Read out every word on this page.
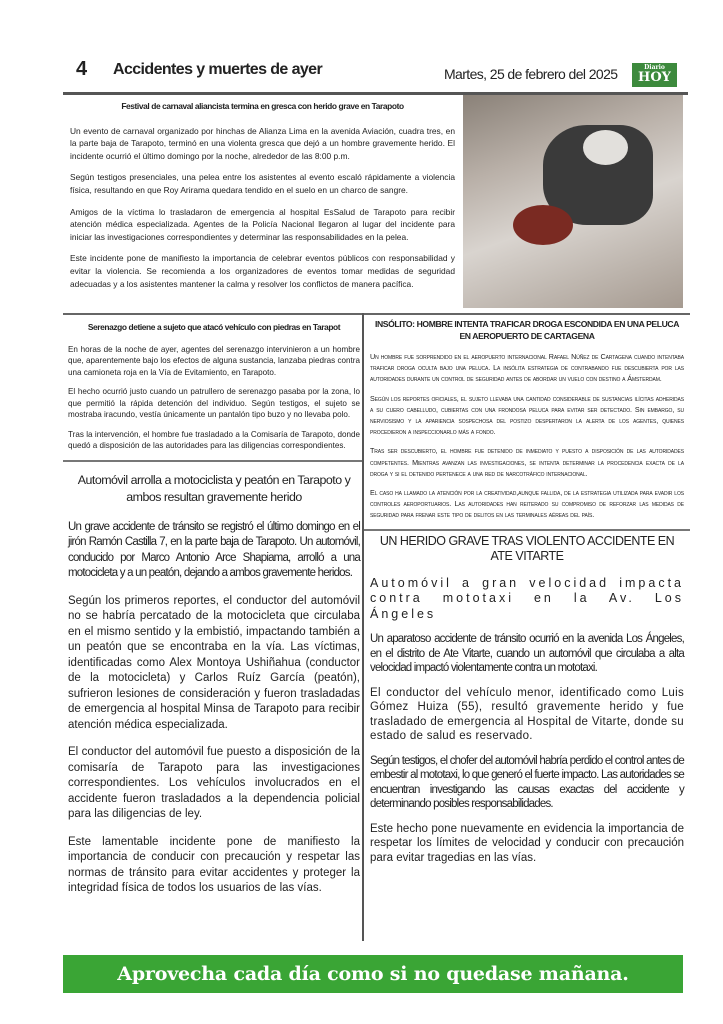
4 Accidentes y muertes de ayer	Martes, 25 de febrero del 2025	Diario
HOY
Festival de carnaval aliancista termina en gresca con herido grave en Tarapoto

Un evento de carnaval organizado por hinchas de Alianza Lima en la avenida Aviación, cuadra tres, en la parte baja de Tarapoto, terminó en una violenta gresca que dejó a un hombre gravemente herido. El incidente ocurrió el último domingo por la noche, alrededor de las 8:00 p.m.

Según testigos presenciales, una pelea entre los asistentes al evento escaló rápidamente a violencia física, resultando en que Roy Arirama quedara tendido en el suelo en un charco de sangre.

Amigos de la víctima lo trasladaron de emergencia al hospital EsSalud de Tarapoto para recibir atención médica especializada. Agentes de la Policía Nacional llegaron al lugar del incidente para iniciar las investigaciones correspondientes y determinar las responsabilidades en la pelea.

Este incidente pone de manifiesto la importancia de celebrar eventos públicos con responsabilidad y evitar la violencia. Se recomienda a los organizadores de eventos tomar medidas de seguridad adecuadas y a los asistentes mantener la calma y resolver los conflictos de manera pacífica.

Serenazgo detiene a sujeto que atacó vehículo con piedras en Tarapot

En horas de la noche de ayer, agentes del serenazgo intervinieron a un hombre que, aparentemente bajo los efectos de alguna sustancia, lanzaba piedras contra una camioneta roja en la Vía de Evitamiento, en Tarapoto.

El hecho ocurrió justo cuando un patrullero de serenazgo pasaba por la zona, lo que permitió la rápida detención del individuo. Según testigos, el sujeto se mostraba iracundo, vestía únicamente un pantalón tipo buzo y no llevaba polo.

Tras la intervención, el hombre fue trasladado a la Comisaría de Tarapoto, donde quedó a disposición de las autoridades para las diligencias correspondientes.

Automóvil arrolla a motociclista y peatón en Tarapoto y ambos resultan gravemente herido

Un grave accidente de tránsito se registró el último domingo en el jirón Ramón Castilla 7, en la parte baja de Tarapoto. Un automóvil, conducido por Marco Antonio Arce Shapiama, arrolló a una motocicleta y a un peatón, dejando a ambos gravemente heridos.

Según los primeros reportes, el conductor del automóvil no se habría percatado de la motocicleta que circulaba en el mismo sentido y la embistió, impactando también a un peatón que se encontraba en la vía. Las víctimas, identificadas como Alex Montoya Ushiñahua (conductor de la motocicleta) y Carlos Ruíz García (peatón), sufrieron lesiones de consideración y fueron trasladadas de emergencia al hospital Minsa de Tarapoto para recibir atención médica especializada.

El conductor del automóvil fue puesto a disposición de la comisaría de Tarapoto para las investigaciones correspondientes. Los vehículos involucrados en el accidente fueron trasladados a la dependencia policial para las diligencias de ley.

Este lamentable incidente pone de manifiesto la importancia de conducir con precaución y respetar las normas de tránsito para evitar accidentes y proteger la integridad física de todos los usuarios de las vías.

INSÓLITO: HOMBRE INTENTA TRAFICAR DROGA ESCONDIDA EN UNA PELUCA EN AEROPUERTO DE CARTAGENA

Un hombre fue sorprendido en el aeropuerto internacional Rafael Núñez de Cartagena cuando intentaba traficar droga oculta bajo una peluca. La insólita estrategia de contrabando fue descubierta por las autoridades durante un control de seguridad antes de abordar un vuelo con destino a Ámsterdam.

Según los reportes oficiales, el sujeto llevaba una cantidad considerable de sustancias ilícitas adheridas a su cuero cabelludo, cubiertas con una frondosa peluca para evitar ser detectado. Sin embargo, su nerviosismo y la apariencia sospechosa del postizo despertaron la alerta de los agentes, quienes procedieron a inspeccionarlo más a fondo.

Tras ser descubierto, el hombre fue detenido de inmediato y puesto a disposición de las autoridades competentes. Mientras avanzan las investigaciones, se intenta determinar la procedencia exacta de la droga y si el detenido pertenece a una red de narcotráfico internacional.

El caso ha llamado la atención por la creatividad,aunque fallida, de la estrategia utilizada para evadir los controles aeroportuarios. Las autoridades han reiterado su compromiso de reforzar las medidas de seguridad para frenar este tipo de delitos en las terminales aéreas del país.

UN HERIDO GRAVE TRAS VIOLENTO ACCIDENTE EN ATE VITARTE
Automóvil a gran velocidad impacta contra mototaxi en la Av. Los Ángeles

Un aparatoso accidente de tránsito ocurrió en la avenida Los Ángeles, en el distrito de Ate Vitarte, cuando un automóvil que circulaba a alta velocidad impactó violentamente contra un mototaxi.

El conductor del vehículo menor, identificado como Luis Gómez Huiza (55), resultó gravemente herido y fue trasladado de emergencia al Hospital de Vitarte, donde su estado de salud es reservado.

Según testigos, el chofer del automóvil habría perdido el control antes de embestir al mototaxi, lo que generó el fuerte impacto. Las autoridades se encuentran investigando las causas exactas del accidente y determinando posibles responsabilidades.

Este hecho pone nuevamente en evidencia la importancia de respetar los límites de velocidad y conducir con precaución para evitar tragedias en las vías.

Aprovecha cada día como si no quedase mañana.
